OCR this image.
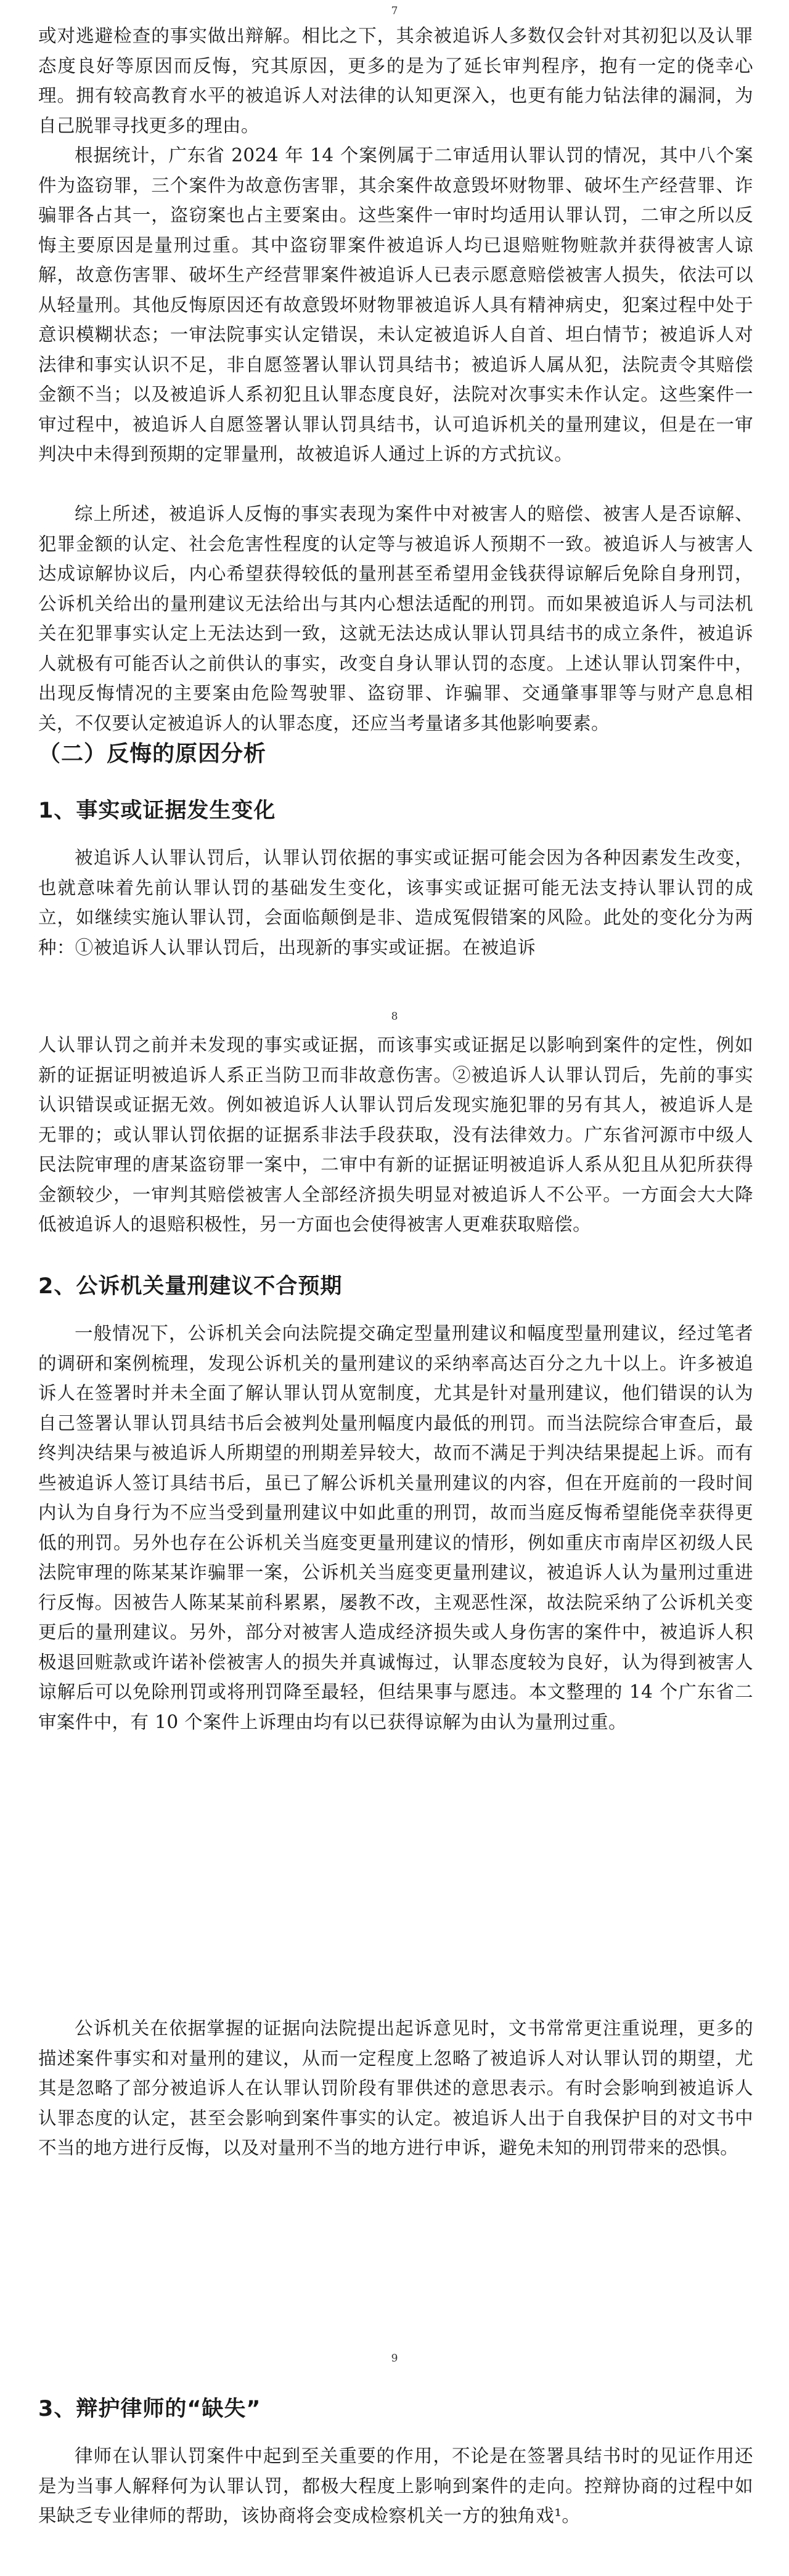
7

或对逃避检查的事实做出辩解。相比之下，其余被追诉人多数仅会针对其初犯以及认罪态度良好等原因而反悔，究其原因，更多的是为了延长审判程序，抱有一定的侥幸心理。拥有较高教育水平的被追诉人对法律的认知更深入，也更有能力钻法律的漏洞，为自己脱罪寻找更多的理由。

根据统计，广东省 2024 年 14 个案例属于二审适用认罪认罚的情况，其中八个案件为盗窃罪，三个案件为故意伤害罪，其余案件故意毁坏财物罪、破坏生产经营罪、诈骗罪各占其一，盗窃案也占主要案由。这些案件一审时均适用认罪认罚，二审之所以反悔主要原因是量刑过重。其中盗窃罪案件被追诉人均已退赔赃物赃款并获得被害人谅解，故意伤害罪、破坏生产经营罪案件被追诉人已表示愿意赔偿被害人损失，依法可以从轻量刑。其他反悔原因还有故意毁坏财物罪被追诉人具有精神病史，犯案过程中处于意识模糊状态；一审法院事实认定错误，未认定被追诉人自首、坦白情节；被追诉人对法律和事实认识不足，非自愿签署认罪认罚具结书；被追诉人属从犯，法院责令其赔偿金额不当；以及被追诉人系初犯且认罪态度良好，法院对次事实未作认定。这些案件一审过程中，被追诉人自愿签署认罪认罚具结书，认可追诉机关的量刑建议，但是在一审判决中未得到预期的定罪量刑，故被追诉人通过上诉的方式抗议。

综上所述，被追诉人反悔的事实表现为案件中对被害人的赔偿、被害人是否谅解、犯罪金额的认定、社会危害性程度的认定等与被追诉人预期不一致。被追诉人与被害人达成谅解协议后，内心希望获得较低的量刑甚至希望用金钱获得谅解后免除自身刑罚，公诉机关给出的量刑建议无法给出与其内心想法适配的刑罚。而如果被追诉人与司法机关在犯罪事实认定上无法达到一致，这就无法达成认罪认罚具结书的成立条件，被追诉人就极有可能否认之前供认的事实，改变自身认罪认罚的态度。上述认罪认罚案件中，出现反悔情况的主要案由危险驾驶罪、盗窃罪、诈骗罪、交通肇事罪等与财产息息相关，不仅要认定被追诉人的认罪态度，还应当考量诸多其他影响要素。

（二）反悔的原因分析
1、事实或证据发生变化

被追诉人认罪认罚后，认罪认罚依据的事实或证据可能会因为各种因素发生改变，也就意味着先前认罪认罚的基础发生变化，该事实或证据可能无法支持认罪认罚的成立，如继续实施认罪认罚，会面临颠倒是非、造成冤假错案的风险。此处的变化分为两种：①被追诉人认罪认罚后，出现新的事实或证据。在被追诉

8

人认罪认罚之前并未发现的事实或证据，而该事实或证据足以影响到案件的定性，例如新的证据证明被追诉人系正当防卫而非故意伤害。②被追诉人认罪认罚后，先前的事实认识错误或证据无效。例如被追诉人认罪认罚后发现实施犯罪的另有其人，被追诉人是无罪的；或认罪认罚依据的证据系非法手段获取，没有法律效力。广东省河源市中级人民法院审理的唐某盗窃罪一案中，二审中有新的证据证明被追诉人系从犯且从犯所获得金额较少，一审判其赔偿被害人全部经济损失明显对被追诉人不公平。一方面会大大降低被追诉人的退赔积极性，另一方面也会使得被害人更难获取赔偿。

2、公诉机关量刑建议不合预期

一般情况下，公诉机关会向法院提交确定型量刑建议和幅度型量刑建议，经过笔者的调研和案例梳理，发现公诉机关的量刑建议的采纳率高达百分之九十以上。许多被追诉人在签署时并未全面了解认罪认罚从宽制度，尤其是针对量刑建议，他们错误的认为自己签署认罪认罚具结书后会被判处量刑幅度内最低的刑罚。而当法院综合审查后，最终判决结果与被追诉人所期望的刑期差异较大，故而不满足于判决结果提起上诉。而有些被追诉人签订具结书后，虽已了解公诉机关量刑建议的内容，但在开庭前的一段时间内认为自身行为不应当受到量刑建议中如此重的刑罚，故而当庭反悔希望能侥幸获得更低的刑罚。另外也存在公诉机关当庭变更量刑建议的情形，例如重庆市南岸区初级人民法院审理的陈某某诈骗罪一案，公诉机关当庭变更量刑建议，被追诉人认为量刑过重进行反悔。因被告人陈某某前科累累，屡教不改，主观恶性深，故法院采纳了公诉机关变更后的量刑建议。另外，部分对被害人造成经济损失或人身伤害的案件中，被追诉人积极退回赃款或许诺补偿被害人的损失并真诚悔过，认罪态度较为良好，认为得到被害人谅解后可以免除刑罚或将刑罚降至最轻，但结果事与愿违。本文整理的 14 个广东省二审案件中，有 10 个案件上诉理由均有以已获得谅解为由认为量刑过重。

公诉机关在依据掌握的证据向法院提出起诉意见时，文书常常更注重说理，更多的描述案件事实和对量刑的建议，从而一定程度上忽略了被追诉人对认罪认罚的期望，尤其是忽略了部分被追诉人在认罪认罚阶段有罪供述的意思表示。有时会影响到被追诉人认罪态度的认定，甚至会影响到案件事实的认定。被追诉人出于自我保护目的对文书中不当的地方进行反悔，以及对量刑不当的地方进行申诉，避免未知的刑罚带来的恐惧。

9
3、辩护律师的“缺失”

律师在认罪认罚案件中起到至关重要的作用，不论是在签署具结书时的见证作用还是为当事人解释何为认罪认罚，都极大程度上影响到案件的走向。控辩协商的过程中如果缺乏专业律师的帮助，该协商将会变成检察机关一方的独角戏¹。
